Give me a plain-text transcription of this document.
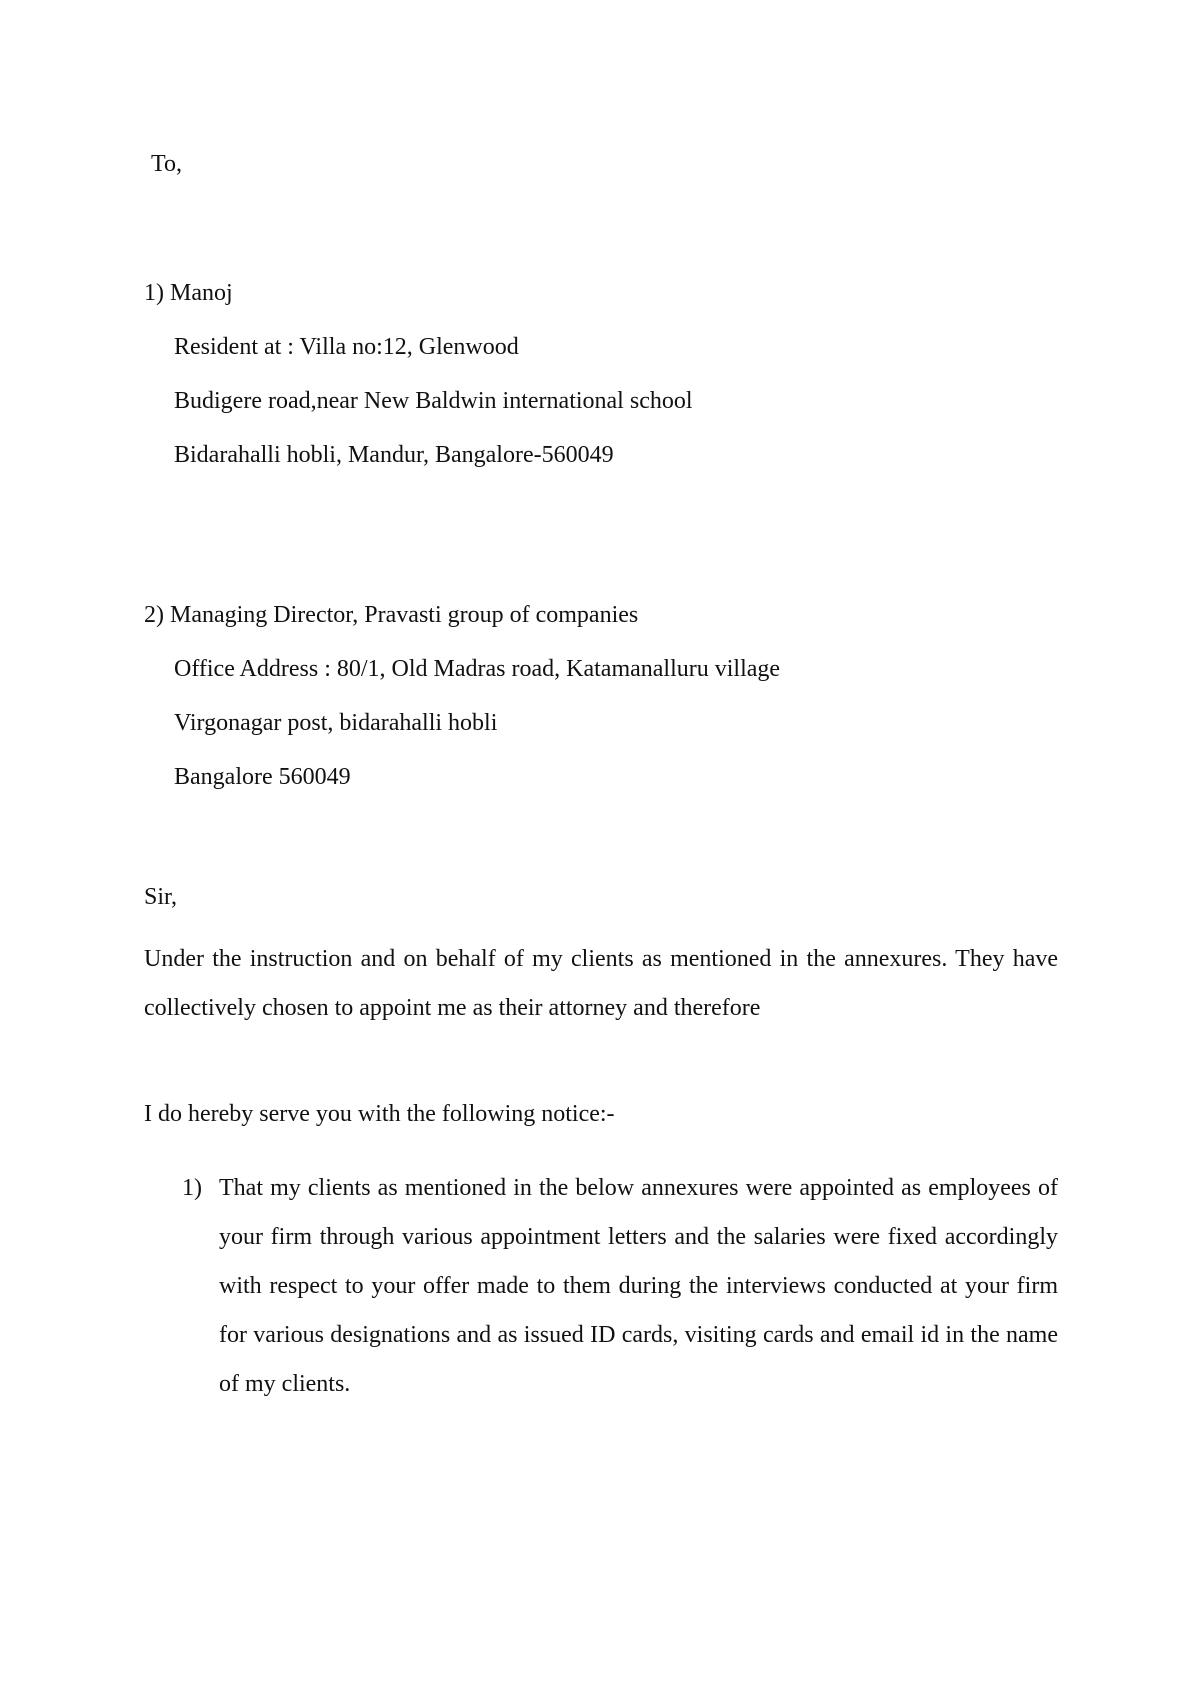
To,
1) Manoj
Resident at : Villa no:12, Glenwood
Budigere road,near New Baldwin international school
Bidarahalli hobli, Mandur, Bangalore-560049
2) Managing Director, Pravasti group of companies
Office Address : 80/1, Old Madras road, Katamanalluru village
Virgonagar post, bidarahalli hobli
Bangalore 560049
Sir,
Under the instruction and on behalf of my clients as mentioned in the annexures. They have collectively chosen to appoint me as their attorney and therefore
I do hereby serve you with the following notice:-
1) That my clients as mentioned in the below annexures were appointed as employees of your firm through various appointment letters and the salaries were fixed accordingly with respect to your offer made to them during the interviews conducted at your firm for various designations and as issued ID cards, visiting cards and email id in the name of my clients.
